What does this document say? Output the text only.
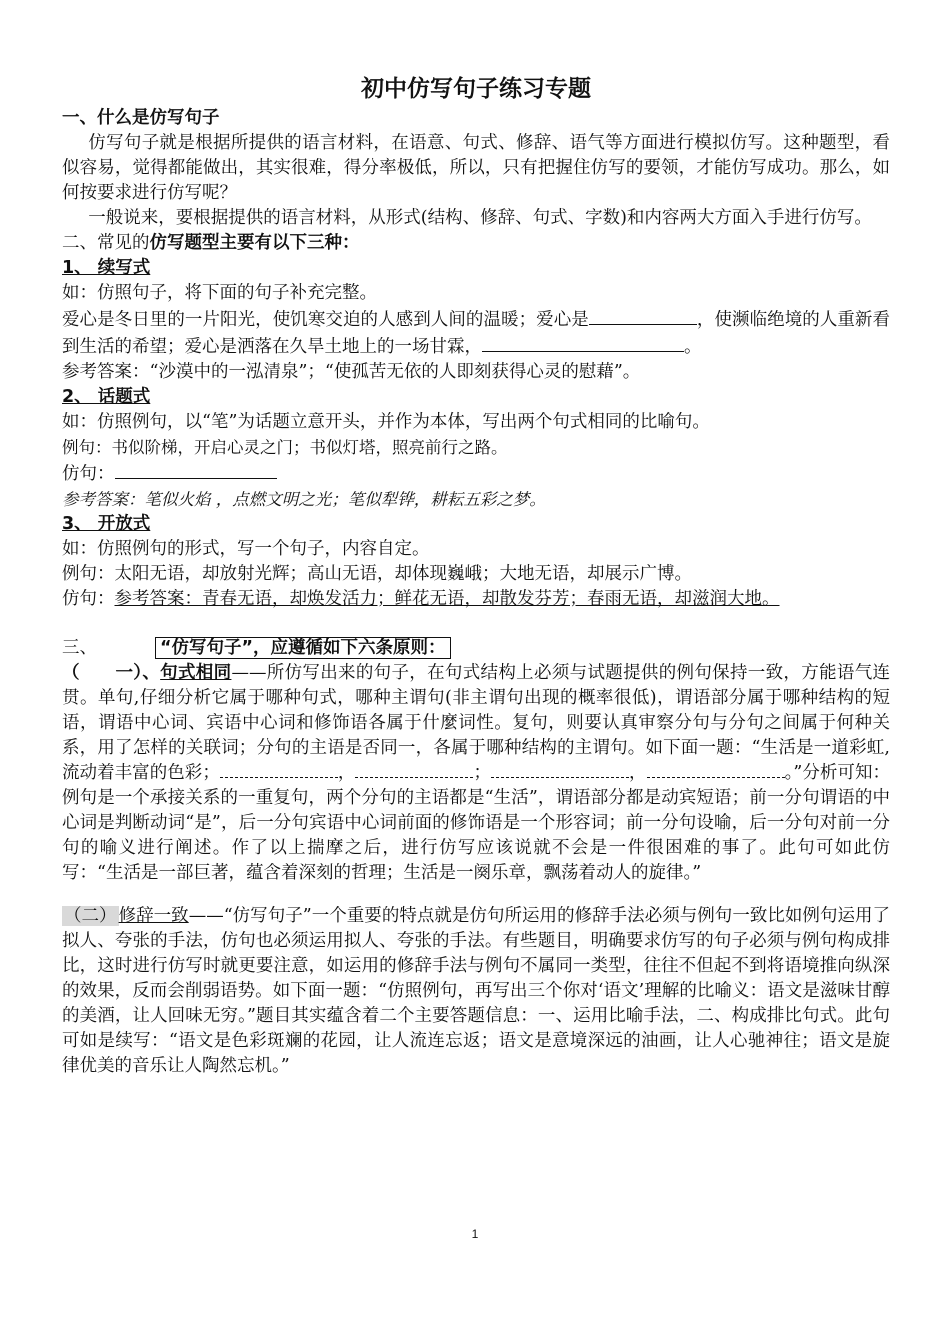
初中仿写句子练习专题
一、什么是仿写句子

仿写句子就是根据所提供的语言材料，在语意、句式、修辞、语气等方面进行模拟仿写。这种题型，看似容易，觉得都能做出，其实很难，得分率极低，所以，只有把握住仿写的要领，才能仿写成功。那么，如何按要求进行仿写呢？

一般说来，要根据提供的语言材料，从形式(结构、修辞、句式、字数)和内容两大方面入手进行仿写。

二、常见的仿写题型主要有以下三种：
1、 续写式

如：仿照句子，将下面的句子补充完整。

爱心是冬日里的一片阳光，使饥寒交迫的人感到人间的温暖；爱心是	，使濒临绝境的人重新看到生活的希望；爱心是洒落在久旱土地上的一场甘霖，	。

参考答案：“沙漠中的一泓清泉”；“使孤苦无依的人即刻获得心灵的慰藉”。

2、 话题式

如：仿照例句，以“笔”为话题立意开头，并作为本体，写出两个句式相同的比喻句。

例句：书似阶梯，开启心灵之门；书似灯塔，照亮前行之路。

仿句：

参考答案：笔似火焰 ，点燃文明之光；笔似犁铧，耕耘五彩之梦。

3、 开放式

如：仿照例句的形式，写一个句子，内容自定。

例句：太阳无语，却放射光辉；高山无语，却体现巍峨；大地无语，却展示广博。

仿句：参考答案：青春无语，却焕发活力；鲜花无语，却散发芬芳；春雨无语，却滋润大地。

三、	“仿写句子”，应遵循如下六条原则：

（　　一）、句式相同——所仿写出来的句子，在句式结构上必须与试题提供的例句保持一致，方能语气连贯。单句,仔细分析它属于哪种句式，哪种主谓句(非主谓句出现的概率很低)，谓语部分属于哪种结构的短语，谓语中心词、宾语中心词和修饰语各属于什麼词性。复句，则要认真审察分句与分句之间属于何种关系，用了怎样的关联词；分句的主语是否同一，各属于哪种结构的主谓句。如下面一题：“生活是一道彩虹,流动着丰富的色彩；	，	；	，	。”分析可知：例句是一个承接关系的一重复句，两个分句的主语都是“生活”，谓语部分都是动宾短语；前一分句谓语的中心词是判断动词“是”，后一分句宾语中心词前面的修饰语是一个形容词；前一分句设喻，后一分句对前一分句的喻义进行阐述。作了以上揣摩之后，进行仿写应该说就不会是一件很困难的事了。此句可如此仿写：“生活是一部巨著，蕴含着深刻的哲理；生活是一阕乐章，飘荡着动人的旋律。”

（二） 修辞一致——“仿写句子”一个重要的特点就是仿句所运用的修辞手法必须与例句一致比如例句运用了拟人、夸张的手法，仿句也必须运用拟人、夸张的手法。有些题目，明确要求仿写的句子必须与例句构成排比，这时进行仿写时就更要注意，如运用的修辞手法与例句不属同一类型，往往不但起不到将语境推向纵深的效果，反而会削弱语势。如下面一题：“仿照例句，再写出三个你对‘语文’理解的比喻义：语文是滋味甘醇的美酒，让人回味无穷。”题目其实蕴含着二个主要答题信息：一、运用比喻手法，二、构成排比句式。此句可如是续写：“语文是色彩斑斓的花园，让人流连忘返；语文是意境深远的油画，让人心驰神往；语文是旋律优美的音乐让人陶然忘机。”

1
